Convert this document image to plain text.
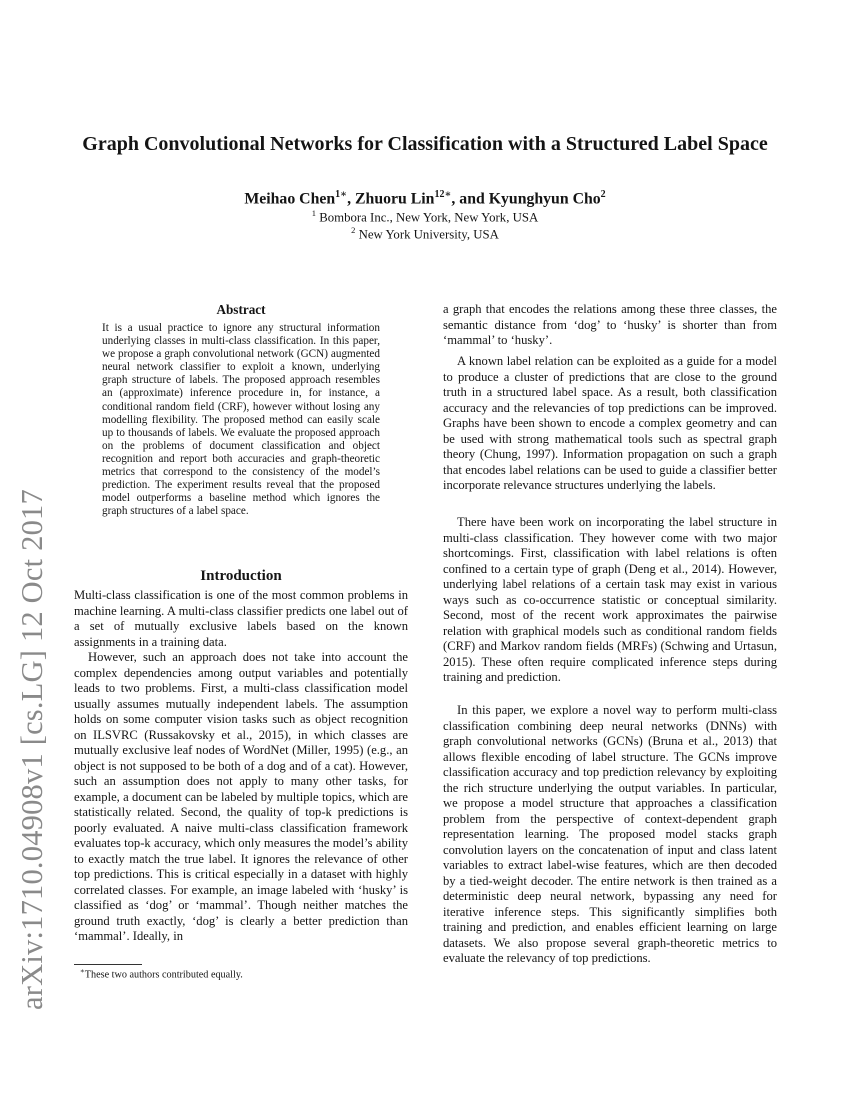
arXiv:1710.04908v1 [cs.LG] 12 Oct 2017
Graph Convolutional Networks for Classification with a Structured Label Space
Meihao Chen$^{1∗}$, Zhuoru Lin$^{12∗}$, and Kyunghyun Cho$^2$
$^1$ Bombora Inc., New York, New York, USA
$^2$ New York University, USA
Abstract
It is a usual practice to ignore any structural information underlying classes in multi-class classification. In this paper, we propose a graph convolutional network (GCN) augmented neural network classifier to exploit a known, underlying graph structure of labels. The proposed approach resembles an (approximate) inference procedure in, for instance, a conditional random field (CRF), however without losing any modelling flexibility. The proposed method can easily scale up to thousands of labels. We evaluate the proposed approach on the problems of document classification and object recognition and report both accuracies and graph-theoretic metrics that correspond to the consistency of the model’s prediction. The experiment results reveal that the proposed model outperforms a baseline method which ignores the graph structures of a label space.
Introduction

Multi-class classification is one of the most common problems in machine learning. A multi-class classifier predicts one label out of a set of mutually exclusive labels based on the known assignments in a training data.

However, such an approach does not take into account the complex dependencies among output variables and potentially leads to two problems. First, a multi-class classification model usually assumes mutually independent labels. The assumption holds on some computer vision tasks such as object recognition on ILSVRC (Russakovsky et al., 2015), in which classes are mutually exclusive leaf nodes of WordNet (Miller, 1995) (e.g., an object is not supposed to be both of a dog and of a cat). However, such an assumption does not apply to many other tasks, for example, a document can be labeled by multiple topics, which are statistically related. Second, the quality of top-k predictions is poorly evaluated. A naive multi-class classification framework evaluates top-k accuracy, which only measures the model’s ability to exactly match the true label. It ignores the relevance of other top predictions. This is critical especially in a dataset with highly correlated classes. For example, an image labeled with ‘husky’ is classified as ‘dog’ or ‘mammal’. Though neither matches the ground truth exactly, ‘dog’ is clearly a better prediction than ‘mammal’. Ideally, in

a graph that encodes the relations among these three classes, the semantic distance from ‘dog’ to ‘husky’ is shorter than from ‘mammal’ to ‘husky’.

A known label relation can be exploited as a guide for a model to produce a cluster of predictions that are close to the ground truth in a structured label space. As a result, both classification accuracy and the relevancies of top predictions can be improved. Graphs have been shown to encode a complex geometry and can be used with strong mathematical tools such as spectral graph theory (Chung, 1997). Information propagation on such a graph that encodes label relations can be used to guide a classifier better incorporate relevance structures underlying the labels.

There have been work on incorporating the label structure in multi-class classification. They however come with two major shortcomings. First, classification with label relations is often confined to a certain type of graph (Deng et al., 2014). However, underlying label relations of a certain task may exist in various ways such as co-occurrence statistic or conceptual similarity. Second, most of the recent work approximates the pairwise relation with graphical models such as conditional random fields (CRF) and Markov random fields (MRFs) (Schwing and Urtasun, 2015). These often require complicated inference steps during training and prediction.

In this paper, we explore a novel way to perform multi-class classification combining deep neural networks (DNNs) with graph convolutional networks (GCNs) (Bruna et al., 2013) that allows flexible encoding of label structure. The GCNs improve classification accuracy and top prediction relevancy by exploiting the rich structure underlying the output variables. In particular, we propose a model structure that approaches a classification problem from the perspective of context-dependent graph representation learning. The proposed model stacks graph convolution layers on the concatenation of input and class latent variables to extract label-wise features, which are then decoded by a tied-weight decoder. The entire network is then trained as a deterministic deep neural network, bypassing any need for iterative inference steps. This significantly simplifies both training and prediction, and enables efficient learning on large datasets. We also propose several graph-theoretic metrics to evaluate the relevancy of top predictions.

∗These two authors contributed equally.
